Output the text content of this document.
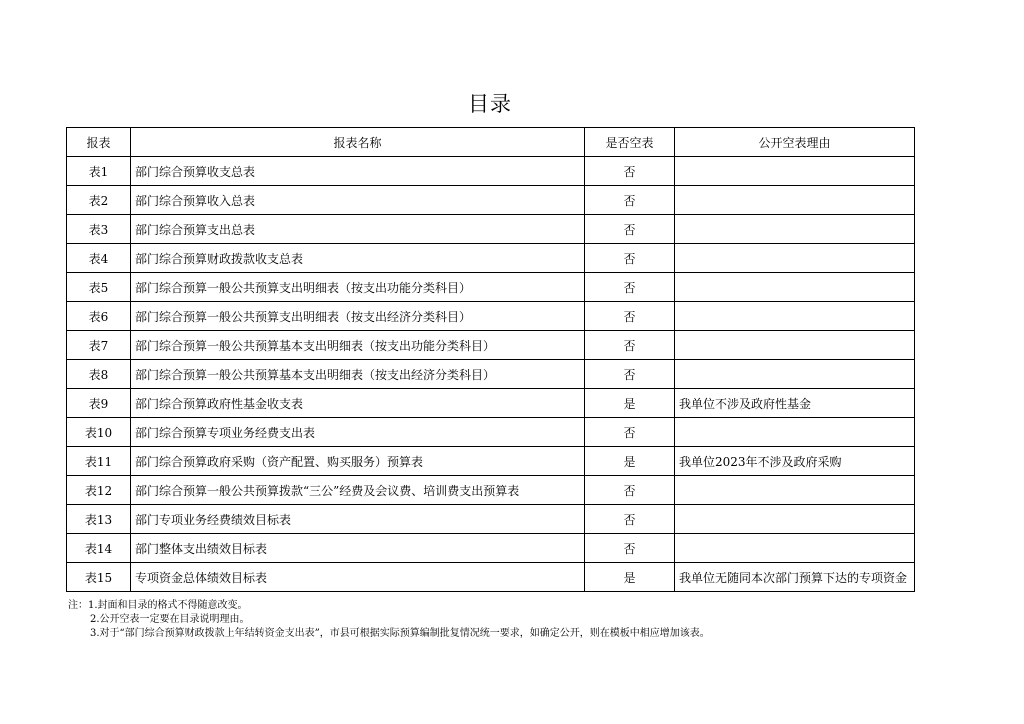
目录
报表	报表名称	是否空表	公开空表理由
表1	部门综合预算收支总表	否	
表2	部门综合预算收入总表	否	
表3	部门综合预算支出总表	否	
表4	部门综合预算财政拨款收支总表	否	
表5	部门综合预算一般公共预算支出明细表（按支出功能分类科目）	否	
表6	部门综合预算一般公共预算支出明细表（按支出经济分类科目）	否	
表7	部门综合预算一般公共预算基本支出明细表（按支出功能分类科目）	否	
表8	部门综合预算一般公共预算基本支出明细表（按支出经济分类科目）	否	
表9	部门综合预算政府性基金收支表	是	我单位不涉及政府性基金
表10	部门综合预算专项业务经费支出表	否	
表11	部门综合预算政府采购（资产配置、购买服务）预算表	是	我单位2023年不涉及政府采购
表12	部门综合预算一般公共预算拨款“三公”经费及会议费、培训费支出预算表	否	
表13	部门专项业务经费绩效目标表	否	
表14	部门整体支出绩效目标表	否	
表15	专项资金总体绩效目标表	是	我单位无随同本次部门预算下达的专项资金
注：1.封面和目录的格式不得随意改变。
2.公开空表一定要在目录说明理由。
3.对于“部门综合预算财政拨款上年结转资金支出表”，市县可根据实际预算编制批复情况统一要求，如确定公开，则在模板中相应增加该表。
